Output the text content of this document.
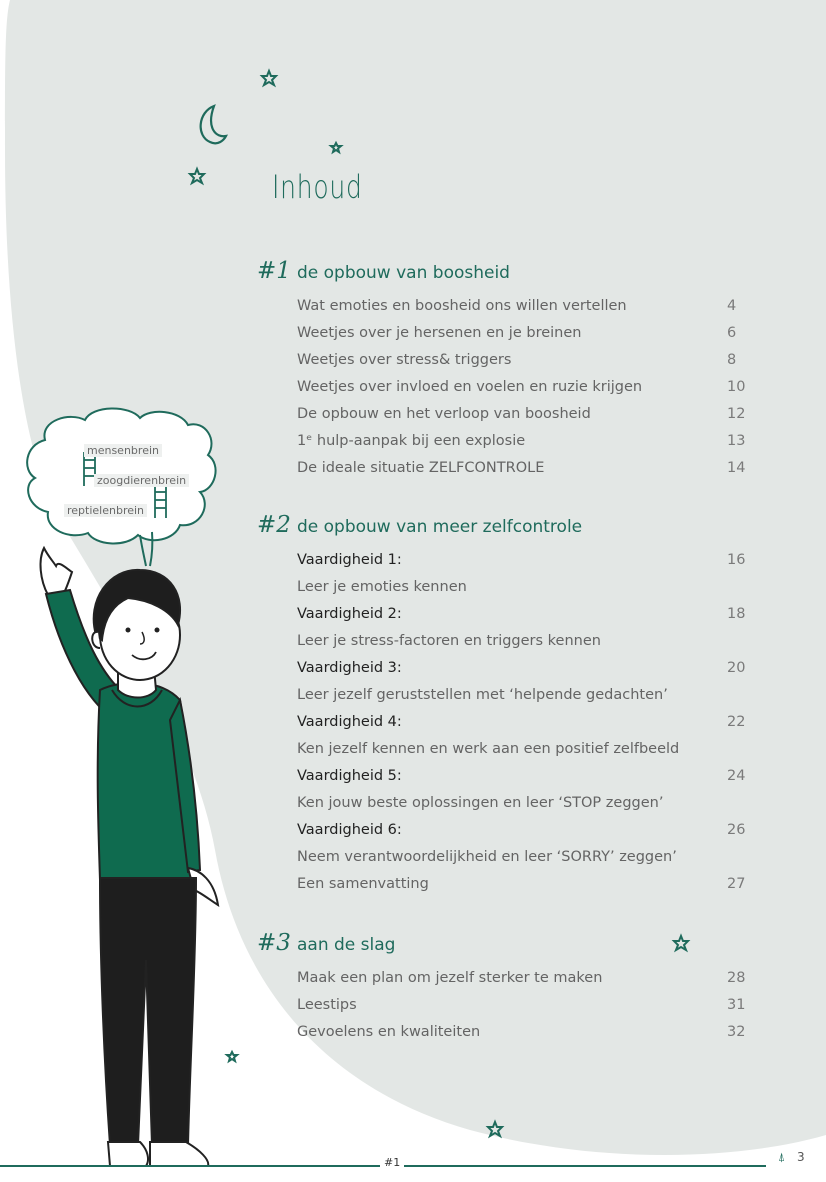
mensenbrein
zoogdierenbrein
reptielenbrein
Inhoud
#1 de opbouw van boosheid
Wat emoties en boosheid ons willen vertellen	4
Weetjes over je hersenen en je breinen	6
Weetjes over stress& triggers	8
Weetjes over invloed en voelen en ruzie krijgen	10
De opbouw en het verloop van boosheid	12
1ᵉ hulp-aanpak bij een explosie	13
De ideale situatie ZELFCONTROLE	14
#2 de opbouw van meer zelfcontrole
Vaardigheid 1:	16
Leer je emoties kennen
Vaardigheid 2:	18
Leer je stress-factoren en triggers kennen
Vaardigheid 3:	20
Leer jezelf geruststellen met ‘helpende gedachten’
Vaardigheid 4:	22
Ken jezelf kennen en werk aan een positief zelfbeeld
Vaardigheid 5:	24
Ken jouw beste oplossingen en leer ‘STOP zeggen’
Vaardigheid 6:	26
Neem verantwoordelijkheid en leer ‘SORRY’ zeggen’
Een samenvatting	27
#3 aan de slag
Maak een plan om jezelf sterker te maken	28
Leestips	31
Gevoelens en kwaliteiten	32
#1	⍋ 3
